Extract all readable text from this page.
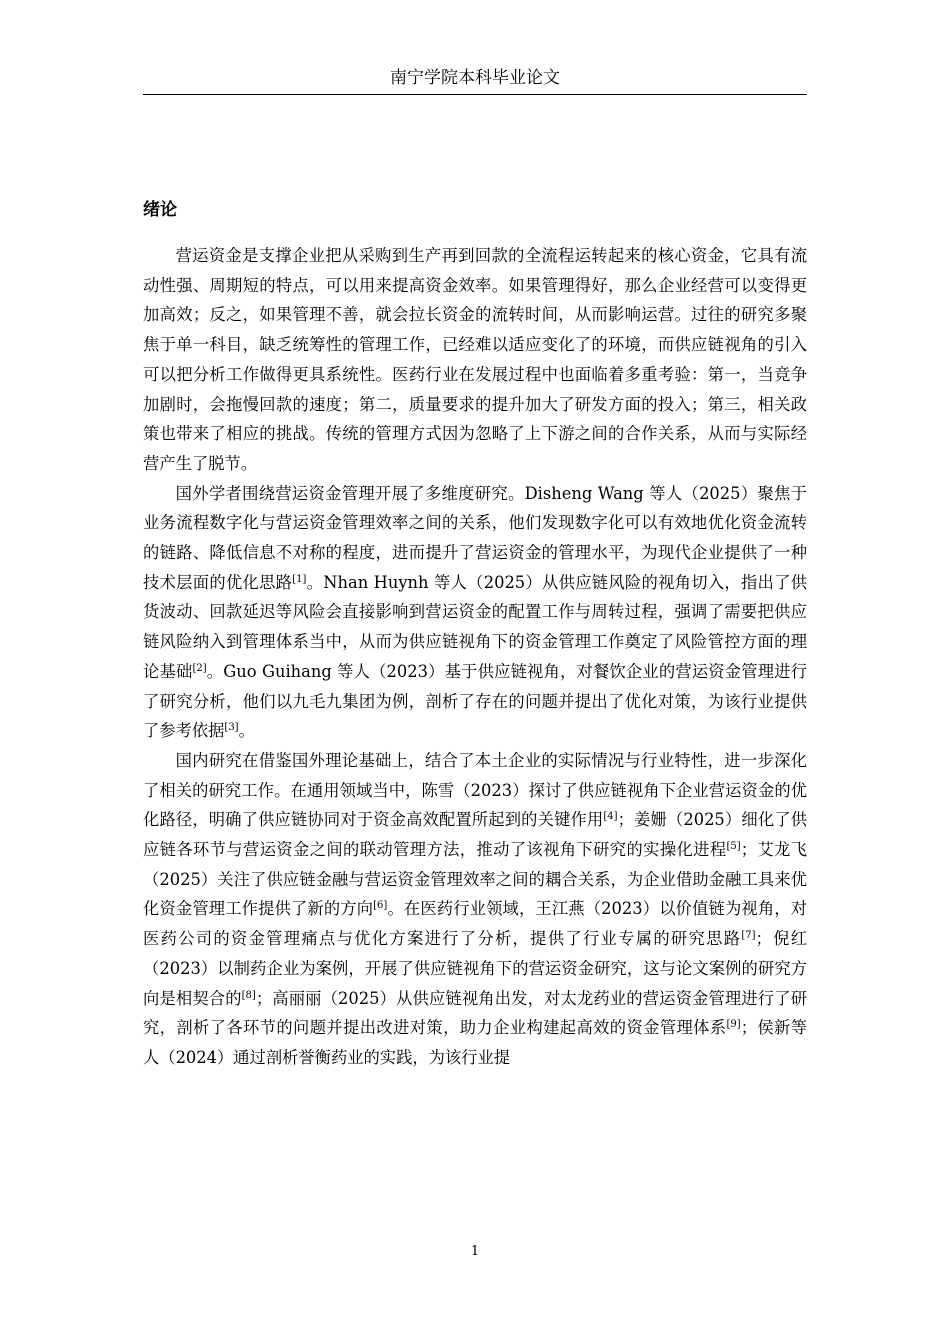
南宁学院本科毕业论文
绪论

营运资金是支撑企业把从采购到生产再到回款的全流程运转起来的核心资金，它具有流动性强、周期短的特点，可以用来提高资金效率。如果管理得好，那么企业经营可以变得更加高效；反之，如果管理不善，就会拉长资金的流转时间，从而影响运营。过往的研究多聚焦于单一科目，缺乏统筹性的管理工作，已经难以适应变化了的环境，而供应链视角的引入可以把分析工作做得更具系统性。医药行业在发展过程中也面临着多重考验：第一，当竞争加剧时，会拖慢回款的速度；第二，质量要求的提升加大了研发方面的投入；第三，相关政策也带来了相应的挑战。传统的管理方式因为忽略了上下游之间的合作关系，从而与实际经营产生了脱节。

国外学者围绕营运资金管理开展了多维度研究。Disheng Wang 等人（2025）聚焦于业务流程数字化与营运资金管理效率之间的关系，他们发现数字化可以有效地优化资金流转的链路、降低信息不对称的程度，进而提升了营运资金的管理水平，为现代企业提供了一种技术层面的优化思路[1]。Nhan Huynh 等人（2025）从供应链风险的视角切入，指出了供货波动、回款延迟等风险会直接影响到营运资金的配置工作与周转过程，强调了需要把供应链风险纳入到管理体系当中，从而为供应链视角下的资金管理工作奠定了风险管控方面的理论基础[2]。Guo Guihang 等人（2023）基于供应链视角，对餐饮企业的营运资金管理进行了研究分析，他们以九毛九集团为例，剖析了存在的问题并提出了优化对策，为该行业提供了参考依据[3]。

国内研究在借鉴国外理论基础上，结合了本土企业的实际情况与行业特性，进一步深化了相关的研究工作。在通用领域当中，陈雪（2023）探讨了供应链视角下企业营运资金的优化路径，明确了供应链协同对于资金高效配置所起到的关键作用[4]；姜姗（2025）细化了供应链各环节与营运资金之间的联动管理方法，推动了该视角下研究的实操化进程[5]；艾龙飞（2025）关注了供应链金融与营运资金管理效率之间的耦合关系，为企业借助金融工具来优化资金管理工作提供了新的方向[6]。在医药行业领域，王江燕（2023）以价值链为视角，对医药公司的资金管理痛点与优化方案进行了分析，提供了行业专属的研究思路[7]；倪红（2023）以制药企业为案例，开展了供应链视角下的营运资金研究，这与论文案例的研究方向是相契合的[8]；高丽丽（2025）从供应链视角出发，对太龙药业的营运资金管理进行了研究，剖析了各环节的问题并提出改进对策，助力企业构建起高效的资金管理体系[9]；侯新等人（2024）通过剖析誉衡药业的实践，为该行业提

1
